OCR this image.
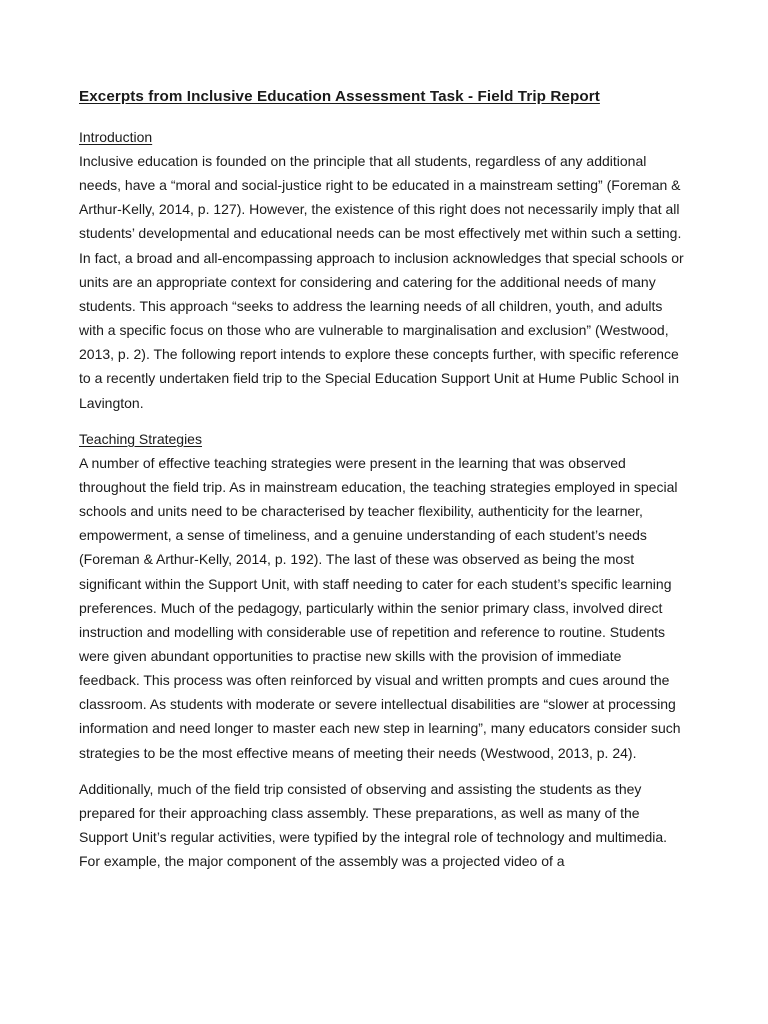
Excerpts from Inclusive Education Assessment Task - Field Trip Report
Introduction

Inclusive education is founded on the principle that all students, regardless of any additional needs, have a “moral and social-justice right to be educated in a mainstream setting” (Foreman & Arthur-Kelly, 2014, p. 127). However, the existence of this right does not necessarily imply that all students’ developmental and educational needs can be most effectively met within such a setting. In fact, a broad and all-encompassing approach to inclusion acknowledges that special schools or units are an appropriate context for considering and catering for the additional needs of many students. This approach “seeks to address the learning needs of all children, youth, and adults with a specific focus on those who are vulnerable to marginalisation and exclusion” (Westwood, 2013, p. 2). The following report intends to explore these concepts further, with specific reference to a recently undertaken field trip to the Special Education Support Unit at Hume Public School in Lavington.

Teaching Strategies

A number of effective teaching strategies were present in the learning that was observed throughout the field trip. As in mainstream education, the teaching strategies employed in special schools and units need to be characterised by teacher flexibility, authenticity for the learner, empowerment, a sense of timeliness, and a genuine understanding of each student’s needs (Foreman & Arthur-Kelly, 2014, p. 192). The last of these was observed as being the most significant within the Support Unit, with staff needing to cater for each student’s specific learning preferences. Much of the pedagogy, particularly within the senior primary class, involved direct instruction and modelling with considerable use of repetition and reference to routine. Students were given abundant opportunities to practise new skills with the provision of immediate feedback. This process was often reinforced by visual and written prompts and cues around the classroom. As students with moderate or severe intellectual disabilities are “slower at processing information and need longer to master each new step in learning”, many educators consider such strategies to be the most effective means of meeting their needs (Westwood, 2013, p. 24).

Additionally, much of the field trip consisted of observing and assisting the students as they prepared for their approaching class assembly. These preparations, as well as many of the Support Unit’s regular activities, were typified by the integral role of technology and multimedia. For example, the major component of the assembly was a projected video of a
